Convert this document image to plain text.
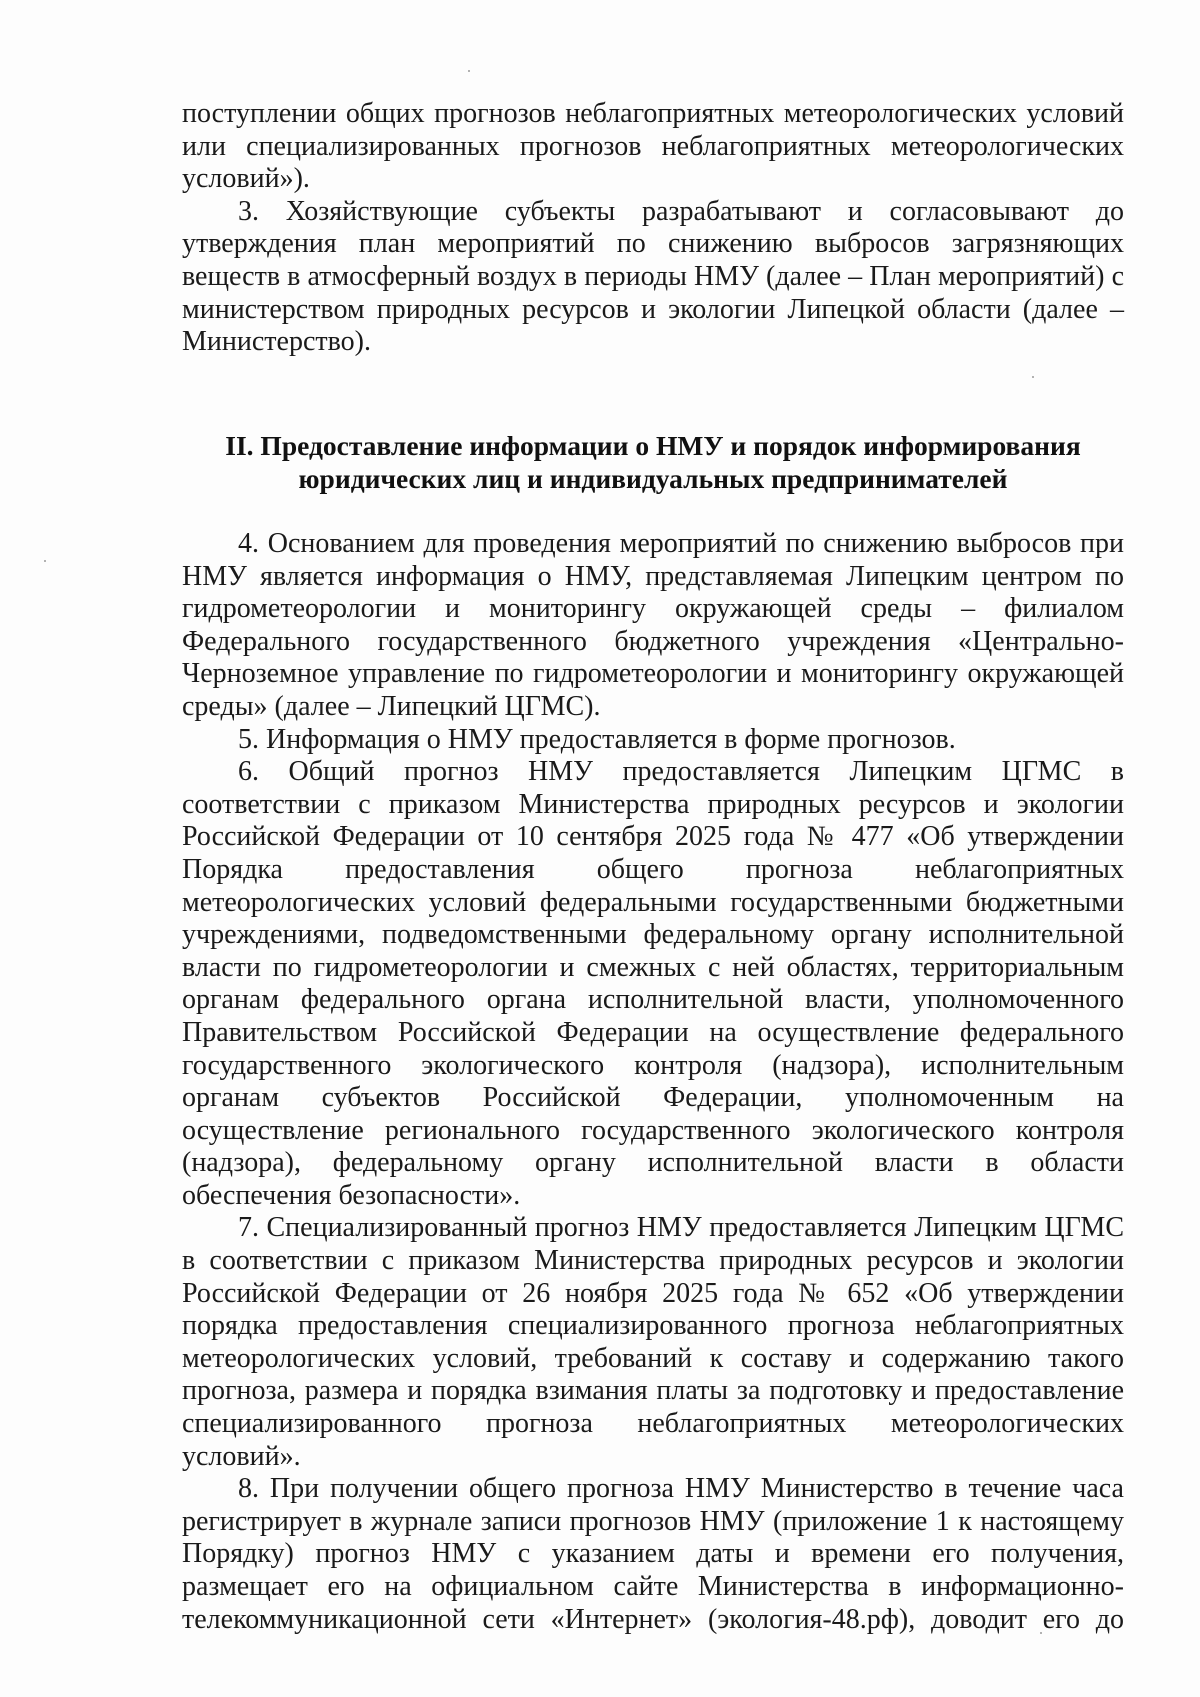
поступлении общих прогнозов неблагоприятных метеорологических условий или специализированных прогнозов неблагоприятных метеорологических условий»).

3. Хозяйствующие субъекты разрабатывают и согласовывают до утверждения план мероприятий по снижению выбросов загрязняющих веществ в атмосферный воздух в периоды НМУ (далее – План мероприятий) с министерством природных ресурсов и экологии Липецкой области (далее – Министерство).

II. Предоставление информации о НМУ и порядок информирования

юридических лиц и индивидуальных предпринимателей

4. Основанием для проведения мероприятий по снижению выбросов при НМУ является информация о НМУ, представляемая Липецким центром по гидрометеорологии и мониторингу окружающей среды – филиалом Федерального государственного бюджетного учреждения «Центрально-Черноземное управление по гидрометеорологии и мониторингу окружающей среды» (далее – Липецкий ЦГМС).

5. Информация о НМУ предоставляется в форме прогнозов.

6. Общий прогноз НМУ предоставляется Липецким ЦГМС в соответствии с приказом Министерства природных ресурсов и экологии Российской Федерации от 10 сентября 2025 года № 477 «Об утверждении Порядка предоставления общего прогноза неблагоприятных метеорологических условий федеральными государственными бюджетными учреждениями, подведомственными федеральному органу исполнительной власти по гидрометеорологии и смежных с ней областях, территориальным органам федерального органа исполнительной власти, уполномоченного Правительством Российской Федерации на осуществление федерального государственного экологического контроля (надзора), исполнительным органам субъектов Российской Федерации, уполномоченным на осуществление регионального государственного экологического контроля (надзора), федеральному органу исполнительной власти в области обеспечения безопасности».

7. Специализированный прогноз НМУ предоставляется Липецким ЦГМС в соответствии с приказом Министерства природных ресурсов и экологии Российской Федерации от 26 ноября 2025 года № 652 «Об утверждении порядка предоставления специализированного прогноза неблагоприятных метеорологических условий, требований к составу и содержанию такого прогноза, размера и порядка взимания платы за подготовку и предоставление специализированного прогноза неблагоприятных метеорологических условий».

8. При получении общего прогноза НМУ Министерство в течение часа регистрирует в журнале записи прогнозов НМУ (приложение 1 к настоящему Порядку) прогноз НМУ с указанием даты и времени его получения, размещает его на официальном сайте Министерства в информационно-телекоммуникационной сети «Интернет» (экология-48.рф), доводит его до
